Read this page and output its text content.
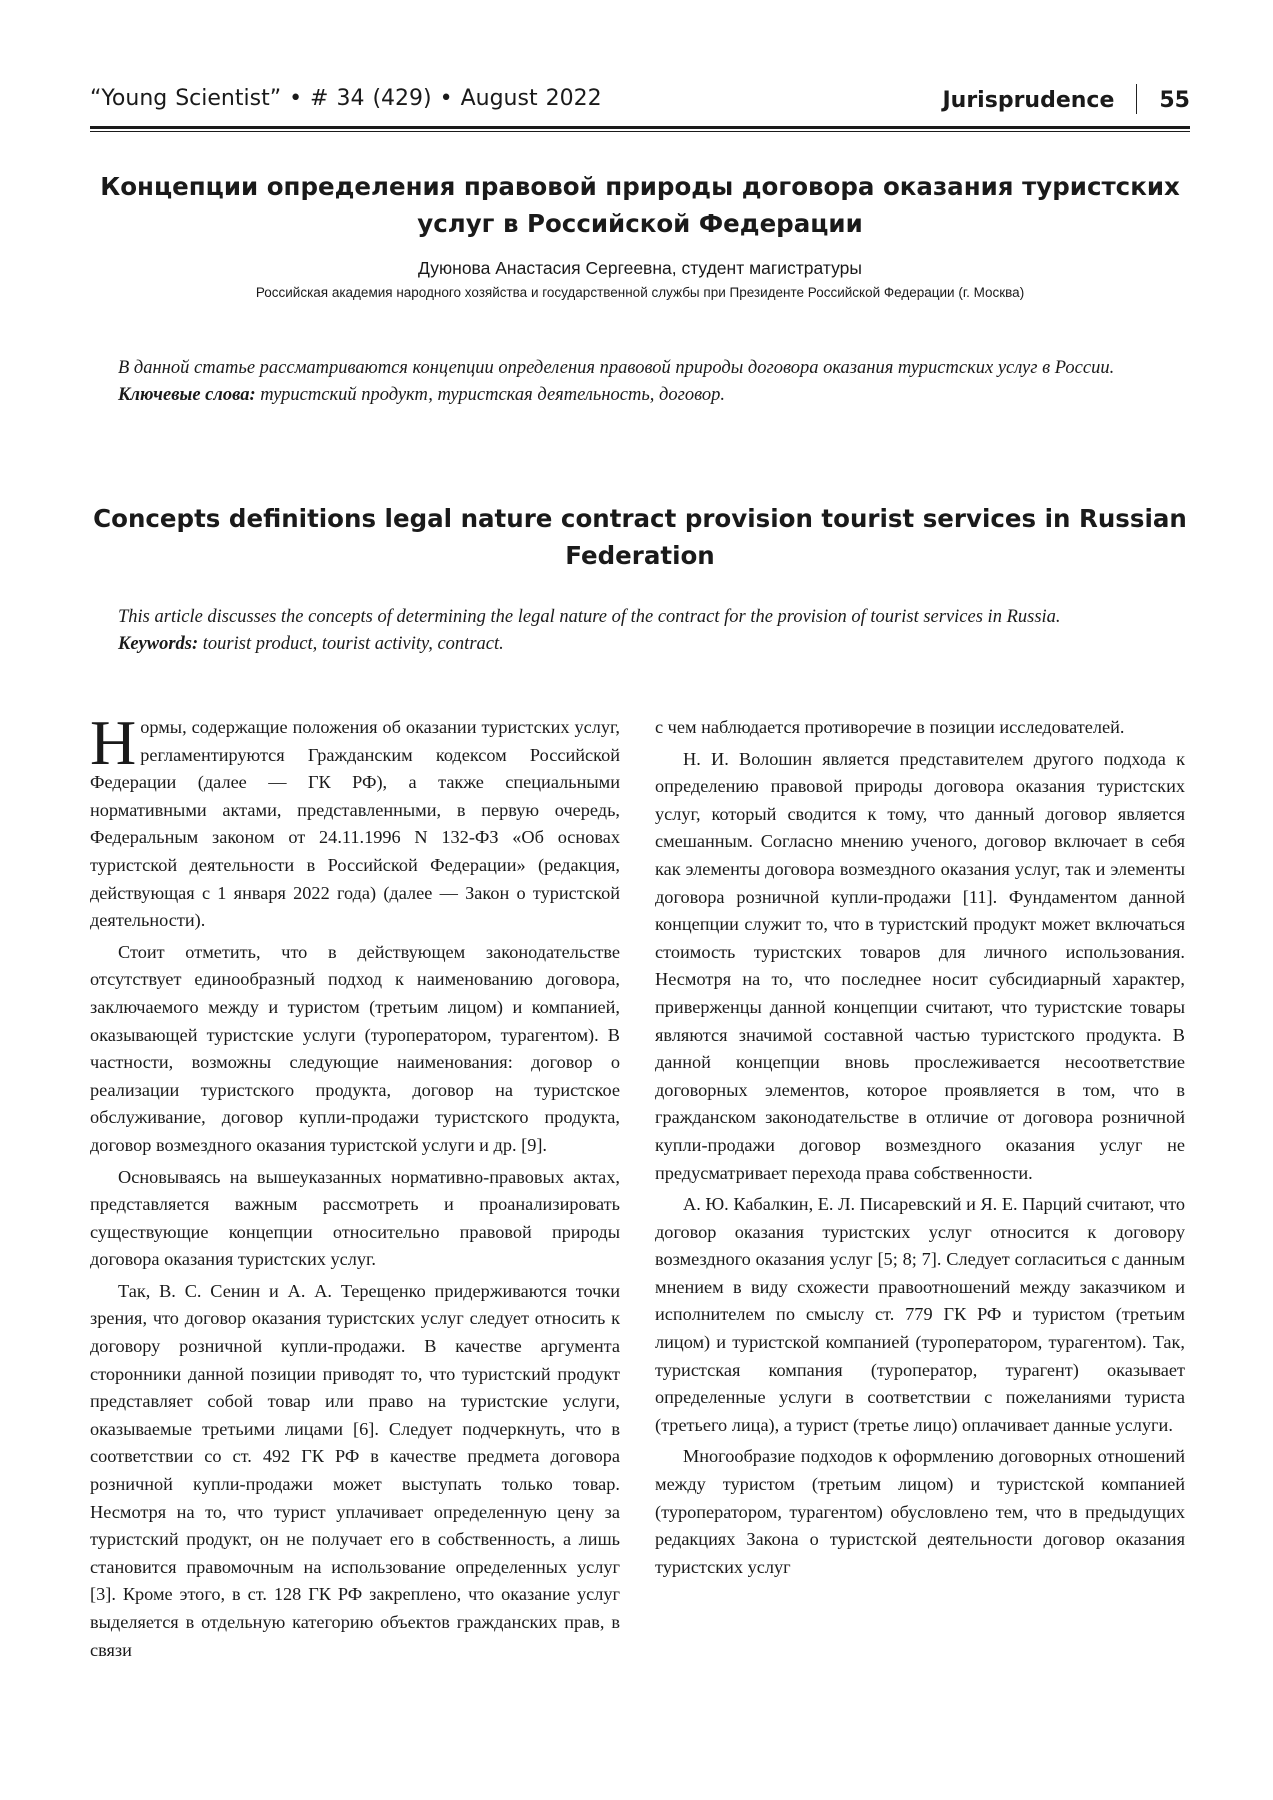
“Young Scientist” • # 34 (429) • August 2022	Jurisprudence 55
Концепции определения правовой природы договора оказания туристских услуг в Российской Федерации
Дуюнова Анастасия Сергеевна, студент магистратуры
Российская академия народного хозяйства и государственной службы при Президенте Российской Федерации (г. Москва)

В данной статье рассматриваются концепции определения правовой природы договора оказания туристских услуг в России.

Ключевые слова: туристский продукт, туристская деятельность, договор.

Concepts definitions legal nature contract provision tourist services in Russian Federation

This article discusses the concepts of determining the legal nature of the contract for the provision of tourist services in Russia.

Keywords: tourist product, tourist activity, contract.

Нормы, содержащие положения об оказании туристских услуг, регламентируются Гражданским кодексом Российской Федерации (далее — ГК РФ), а также специальными нормативными актами, представленными, в первую очередь, Федеральным законом от 24.11.1996 N 132-ФЗ «Об основах туристской деятельности в Российской Федерации» (редакция, действующая с 1 января 2022 года) (далее — Закон о туристской деятельности).

Стоит отметить, что в действующем законодательстве отсутствует единообразный подход к наименованию договора, заключаемого между и туристом (третьим лицом) и компанией, оказывающей туристские услуги (туроператором, турагентом). В частности, возможны следующие наименования: договор о реализации туристского продукта, договор на туристское обслуживание, договор купли-продажи туристского продукта, договор возмездного оказания туристской услуги и др. [9].

Основываясь на вышеуказанных нормативно-правовых актах, представляется важным рассмотреть и проанализировать существующие концепции относительно правовой природы договора оказания туристских услуг.

Так, В. С. Сенин и А. А. Терещенко придерживаются точки зрения, что договор оказания туристских услуг следует относить к договору розничной купли-продажи. В качестве аргумента сторонники данной позиции приводят то, что туристский продукт представляет собой товар или право на туристские услуги, оказываемые третьими лицами [6]. Следует подчеркнуть, что в соответствии со ст. 492 ГК РФ в качестве предмета договора розничной купли-продажи может выступать только товар. Несмотря на то, что турист уплачивает определенную цену за туристский продукт, он не получает его в собственность, а лишь становится правомочным на использование определенных услуг [3]. Кроме этого, в ст. 128 ГК РФ закреплено, что оказание услуг выделяется в отдельную категорию объектов гражданских прав, в связи

с чем наблюдается противоречие в позиции исследователей.

Н. И. Волошин является представителем другого подхода к определению правовой природы договора оказания туристских услуг, который сводится к тому, что данный договор является смешанным. Согласно мнению ученого, договор включает в себя как элементы договора возмездного оказания услуг, так и элементы договора розничной купли-продажи [11]. Фундаментом данной концепции служит то, что в туристский продукт может включаться стоимость туристских товаров для личного использования. Несмотря на то, что последнее носит субсидиарный характер, приверженцы данной концепции считают, что туристские товары являются значимой составной частью туристского продукта. В данной концепции вновь прослеживается несоответствие договорных элементов, которое проявляется в том, что в гражданском законодательстве в отличие от договора розничной купли-продажи договор возмездного оказания услуг не предусматривает перехода права собственности.

А. Ю. Кабалкин, Е. Л. Писаревский и Я. Е. Парций считают, что договор оказания туристских услуг относится к договору возмездного оказания услуг [5; 8; 7]. Следует согласиться с данным мнением в виду схожести правоотношений между заказчиком и исполнителем по смыслу ст. 779 ГК РФ и туристом (третьим лицом) и туристской компанией (туроператором, турагентом). Так, туристская компания (туроператор, турагент) оказывает определенные услуги в соответствии с пожеланиями туриста (третьего лица), а турист (третье лицо) оплачивает данные услуги.

Многообразие подходов к оформлению договорных отношений между туристом (третьим лицом) и туристской компанией (туроператором, турагентом) обусловлено тем, что в предыдущих редакциях Закона о туристской деятельности договор оказания туристских услуг
